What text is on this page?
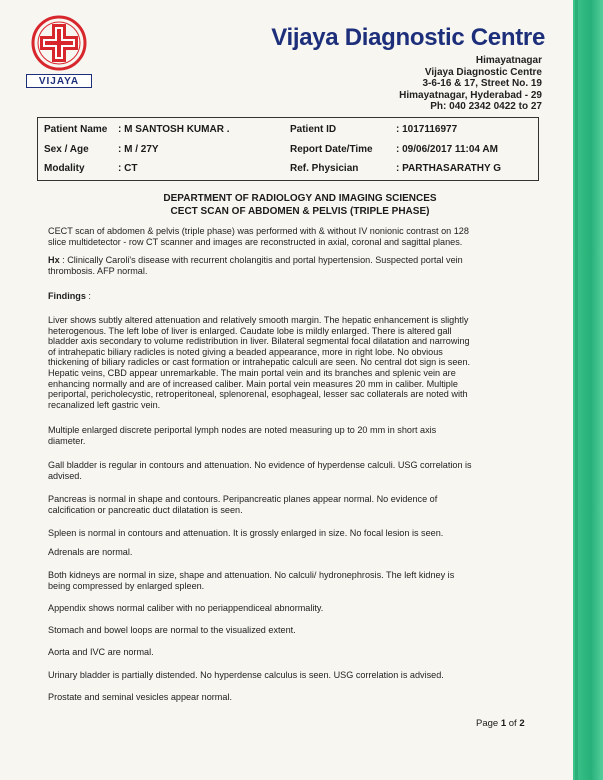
VIJAYA
Vijaya Diagnostic Centre
Himayatnagar
Vijaya Diagnostic Centre
3-6-16 & 17, Street No. 19
Himayatnagar, Hyderabad - 29
Ph: 040 2342 0422 to 27
Patient Name : M SANTOSH KUMAR .	Patient ID	: 1017116977
Sex / Age	: M / 27Y	Report Date/Time : 09/06/2017 11:04 AM
Modality	: CT	Ref. Physician	: PARTHASARATHY G
DEPARTMENT OF RADIOLOGY AND IMAGING SCIENCES
CECT SCAN OF ABDOMEN & PELVIS (TRIPLE PHASE)
CECT scan of abdomen & pelvis (triple phase) was performed with & without IV nonionic contrast on 128
slice multidetector - row CT scanner and images are reconstructed in axial, coronal and sagittal planes.
Hx : Clinically Caroli's disease with recurrent cholangitis and portal hypertension. Suspected portal vein
thrombosis. AFP normal.
Findings :
Liver shows subtly altered attenuation and relatively smooth margin. The hepatic enhancement is slightly
heterogenous. The left lobe of liver is enlarged. Caudate lobe is mildly enlarged. There is altered gall
bladder axis secondary to volume redistribution in liver. Bilateral segmental focal dilatation and narrowing
of intrahepatic biliary radicles is noted giving a beaded appearance, more in right lobe. No obvious
thickening of biliary radicles or cast formation or intrahepatic calculi are seen. No central dot sign is seen.
Hepatic veins, CBD appear unremarkable. The main portal vein and its branches and splenic vein are
enhancing normally and are of increased caliber. Main portal vein measures 20 mm in caliber. Multiple
periportal, pericholecystic, retroperitoneal, splenorenal, esophageal, lesser sac collaterals are noted with
recanalized left gastric vein.
Multiple enlarged discrete periportal lymph nodes are noted measuring up to 20 mm in short axis
diameter.
Gall bladder is regular in contours and attenuation. No evidence of hyperdense calculi. USG correlation is
advised.
Pancreas is normal in shape and contours. Peripancreatic planes appear normal. No evidence of
calcification or pancreatic duct dilatation is seen.
Spleen is normal in contours and attenuation. It is grossly enlarged in size. No focal lesion is seen.
Adrenals are normal.
Both kidneys are normal in size, shape and attenuation. No calculi/ hydronephrosis. The left kidney is
being compressed by enlarged spleen.
Appendix shows normal caliber with no periappendiceal abnormality.
Stomach and bowel loops are normal to the visualized extent.
Aorta and IVC are normal.
Urinary bladder is partially distended. No hyperdense calculus is seen. USG correlation is advised.
Prostate and seminal vesicles appear normal.
Page 1 of 2
